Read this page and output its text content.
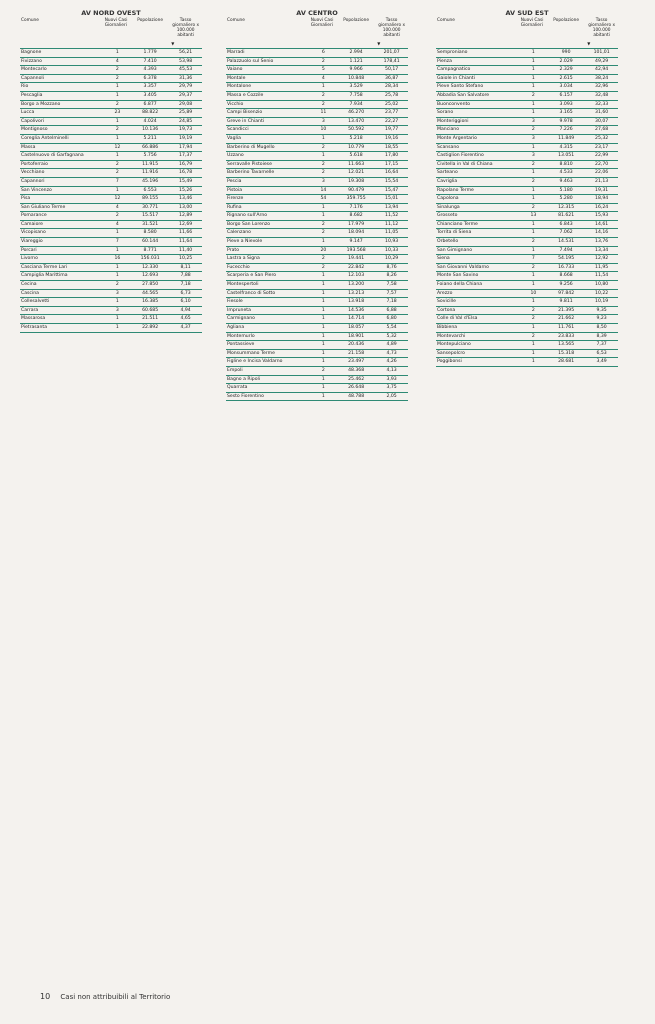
AV NORD OVEST
Comune	Nuovi Casi Giornalieri	Popolazione	Tasso giornaliero x 100.000 abitanti
▼

Bagnone	1	1.779	56,21
Fivizzano	4	7.410	53,98
Montecarlo	2	4.393	45,53
Capannoli	2	6.378	31,36
Rio	1	3.357	29,79
Pescaglia	1	3.405	29,37
Borgo a Mozzano	2	6.877	29,08
Lucca	23	88.822	25,89
Capolivori	1	4.024	24,85
Montignoso	2	10.136	19,73
Coreglia Antelminelli	1	5.211	19,19
Massa	12	66.886	17,94
Castelnuovo di Garfagnana	1	5.756	17,37
Portoferraio	2	11.915	16,79
Vecchiano	2	11.916	16,78
Capannori	7	45.196	15,49
San Vincenzo	1	6.553	15,26
Pisa	12	89.155	13,46
San Giuliano Terme	4	30.771	13,00
Pomarance	2	15.517	12,89
Camaiore	4	31.521	12,69
Vicopisano	1	8.580	11,66
Viareggio	7	60.144	11,64
Porcari	1	8.771	11,40
Livorno	16	156.031	10,25
Casciana Terme Lari	1	12.330	8,11
Campiglia Marittima	1	12.693	7,88
Cecina	2	27.850	7,18
Cascina	3	44.565	6,73
Collesalvetti	1	16.385	6,10
Carrara	3	60.685	4,94
Massarosa	1	21.511	4,65
Pietrasanta	1	22.892	4,37
AV CENTRO
Comune	Nuovi Casi Giornalieri	Popolazione	Tasso giornaliero x 100.000 abitanti
▼

Marradi	6	2.994	201,07
Palazzuolo sul Senio	2	1.121	178,41
Vaiano	5	9.966	50,17
Montale	4	10.848	36,87
Montalone	1	3.529	28,34
Massa e Cozzile	2	7.758	25,78
Vicchio	2	7.934	25,02
Campi Bisenzio	11	46.270	23,77
Greve in Chianti	3	13.470	22,27
Scandicci	10	50.592	19,77
Vaglia	1	5.218	19,16
Barberino di Mugello	2	10.779	18,55
Uzzano	1	5.618	17,80
Serravalle Pistoiese	2	11.663	17,15
Barberino Tavarnelle	2	12.021	16,64
Pescia	3	19.308	15,54
Pistoia	14	90.479	15,47
Firenze	54	359.755	15,01
Rufina	1	7.176	13,94
Rignano sull'Arno	1	8.682	11,52
Borgo San Lorenzo	2	17.979	11,12
Calenzano	2	18.094	11,05
Pieve a Nievole	1	9.147	10,93
Prato	20	193.568	10,33
Lastra a Signa	2	19.441	10,29
Fucecchio	2	22.842	8,76
Scarperia e San Piero	1	12.103	8,26
Montespertoli	1	13.200	7,58
Castelfranco di Sotto	1	13.213	7,57
Fiesole	1	13.918	7,18
Impruneta	1	14.536	6,88
Carmignano	1	14.714	6,80
Agliana	1	18.057	5,54
Montemurlo	1	18.901	5,32
Pontassieve	1	20.436	4,89
Monsummano Terme	1	21.158	4,73
Figline e Incisa Valdarno	1	23.497	4,26
Empoli	2	48.368	4,13
Bagno a Ripoli	1	25.462	3,93
Quarrata	1	26.648	3,75
Sesto Fiorentino	1	48.788	2,05
AV SUD EST
Comune	Nuovi Casi Giornalieri	Popolazione	Tasso giornaliero x 100.000 abitanti
▼

Semproniano	1	990	101,01
Pienza	1	2.029	49,29
Campagnatico	1	2.329	42,94
Gaiole in Chianti	1	2.615	38,24
Pieve Santo Stefano	1	3.034	32,96
Abbadia San Salvatore	2	6.157	32,48
Buonconvento	1	3.093	32,33
Sorano	1	3.165	31,60
Monteriggioni	3	9.978	30,07
Manciano	2	7.226	27,68
Monte Argentario	3	11.849	25,32
Scansano	1	4.315	23,17
Castiglion Fiorentino	3	13.051	22,99
Civitella in Val di Chiana	2	8.810	22,70
Sarteano	1	4.533	22,06
Cavriglia	2	9.463	21,13
Rapolano Terme	1	5.180	19,31
Capolona	1	5.280	18,94
Sinalunga	2	12.315	16,24
Grosseto	13	81.621	15,93
Chianciano Terme	1	6.843	14,61
Torrita di Siena	1	7.062	14,16
Orbetello	2	14.531	13,76
San Gimignano	1	7.494	13,34
Siena	7	54.195	12,92
San Giovanni Valdarno	2	16.733	11,95
Monte San Savino	1	8.668	11,54
Foiano della Chiana	1	9.256	10,80
Arezzo	10	97.842	10,22
Sovicille	1	9.811	10,19
Cortona	2	21.395	9,35
Colle di Val d'Elsa	2	21.662	9,23
Bibbiena	1	11.761	8,50
Montevarchi	2	23.833	8,39
Montepulciano	1	13.565	7,37
Sansepolcro	1	15.318	6,53
Poggibonsi	1	28.681	3,49
10 Casi non attribuibili al Territorio
